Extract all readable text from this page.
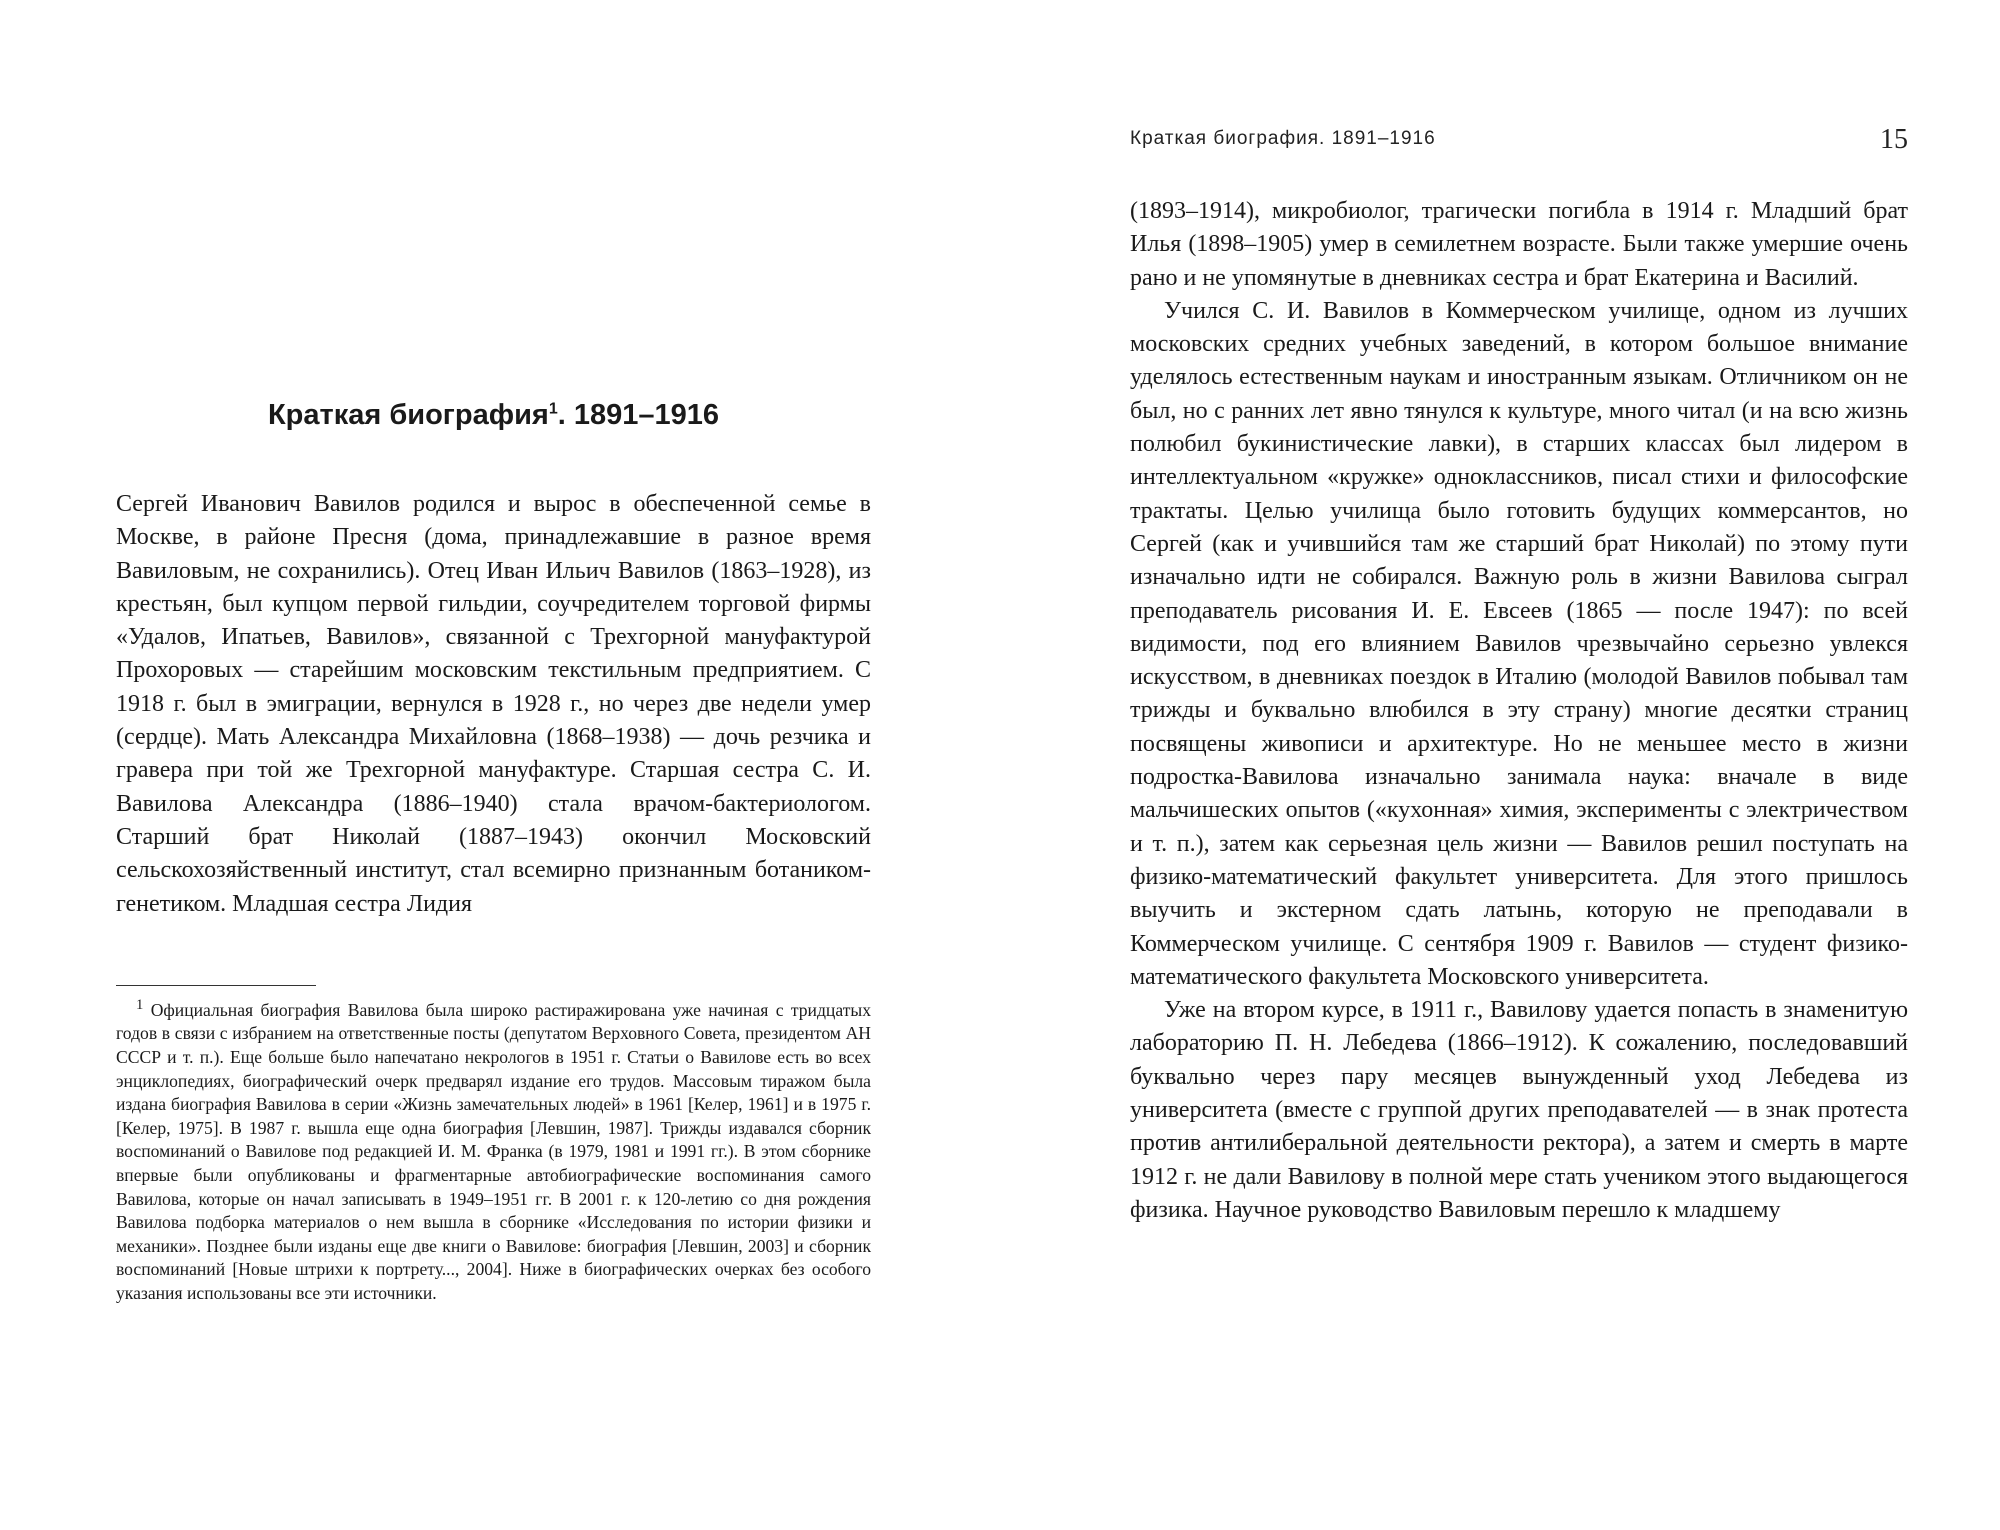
Краткая биография$^1$. 1891–1916

Сергей Иванович Вавилов родился и вырос в обеспеченной семье в Москве, в районе Пресня (дома, принадлежавшие в разное время Вавиловым, не сохранились). Отец Иван Ильич Вавилов (1863–1928), из крестьян, был купцом первой гильдии, соучредителем торговой фирмы «Удалов, Ипатьев, Вавилов», связанной с Трехгорной мануфактурой Прохоровых — старейшим московским текстильным предприятием. С 1918 г. был в эмиграции, вернулся в 1928 г., но через две недели умер (сердце). Мать Александра Михайловна (1868–1938) — дочь резчика и гравера при той же Трехгорной мануфактуре. Старшая сестра С. И. Вавилова Александра (1886–1940) стала врачом-бактериологом. Старший брат Николай (1887–1943) окончил Московский сельскохозяйственный институт, стал всемирно признанным ботаником-генетиком. Младшая сестра Лидия

$^1$ Официальная биография Вавилова была широко растиражирована уже начиная с тридцатых годов в связи с избранием на ответственные посты (депутатом Верховного Совета, президентом АН СССР и т. п.). Еще больше было напечатано некрологов в 1951 г. Статьи о Вавилове есть во всех энциклопедиях, биографический очерк предварял издание его трудов. Массовым тиражом была издана биография Вавилова в серии «Жизнь замечательных людей» в 1961 [Келер, 1961] и в 1975 г. [Келер, 1975]. В 1987 г. вышла еще одна биография [Левшин, 1987]. Трижды издавался сборник воспоминаний о Вавилове под редакцией И. М. Франка (в 1979, 1981 и 1991 гг.). В этом сборнике впервые были опубликованы и фрагментарные автобиографические воспоминания самого Вавилова, которые он начал записывать в 1949–1951 гг. В 2001 г. к 120-летию со дня рождения Вавилова подборка материалов о нем вышла в сборнике «Исследования по истории физики и механики». Позднее были изданы еще две книги о Вавилове: биография [Левшин, 2003] и сборник воспоминаний [Новые штрихи к портрету..., 2004]. Ниже в биографических очерках без особого указания использованы все эти источники.

Краткая биография. 1891–1916	15

(1893–1914), микробиолог, трагически погибла в 1914 г. Младший брат Илья (1898–1905) умер в семилетнем возрасте. Были также умершие очень рано и не упомянутые в дневниках сестра и брат Екатерина и Василий.

Учился С. И. Вавилов в Коммерческом училище, одном из лучших московских средних учебных заведений, в котором большое внимание уделялось естественным наукам и иностранным языкам. Отличником он не был, но с ранних лет явно тянулся к культуре, много читал (и на всю жизнь полюбил букинистические лавки), в старших классах был лидером в интеллектуальном «кружке» одноклассников, писал стихи и философские трактаты. Целью училища было готовить будущих коммерсантов, но Сергей (как и учившийся там же старший брат Николай) по этому пути изначально идти не собирался. Важную роль в жизни Вавилова сыграл преподаватель рисования И. Е. Евсеев (1865 — после 1947): по всей видимости, под его влиянием Вавилов чрезвычайно серьезно увлекся искусством, в дневниках поездок в Италию (молодой Вавилов побывал там трижды и буквально влюбился в эту страну) многие десятки страниц посвящены живописи и архитектуре. Но не меньшее место в жизни подростка-Вавилова изначально занимала наука: вначале в виде мальчишеских опытов («кухонная» химия, эксперименты с электричеством и т. п.), затем как серьезная цель жизни — Вавилов решил поступать на физико-математический факультет университета. Для этого пришлось выучить и экстерном сдать латынь, которую не преподавали в Коммерческом училище. С сентября 1909 г. Вавилов — студент физико-математического факультета Московского университета.

Уже на втором курсе, в 1911 г., Вавилову удается попасть в знаменитую лабораторию П. Н. Лебедева (1866–1912). К сожалению, последовавший буквально через пару месяцев вынужденный уход Лебедева из университета (вместе с группой других преподавателей — в знак протеста против антилиберальной деятельности ректора), а затем и смерть в марте 1912 г. не дали Вавилову в полной мере стать учеником этого выдающегося физика. Научное руководство Вавиловым перешло к младшему
